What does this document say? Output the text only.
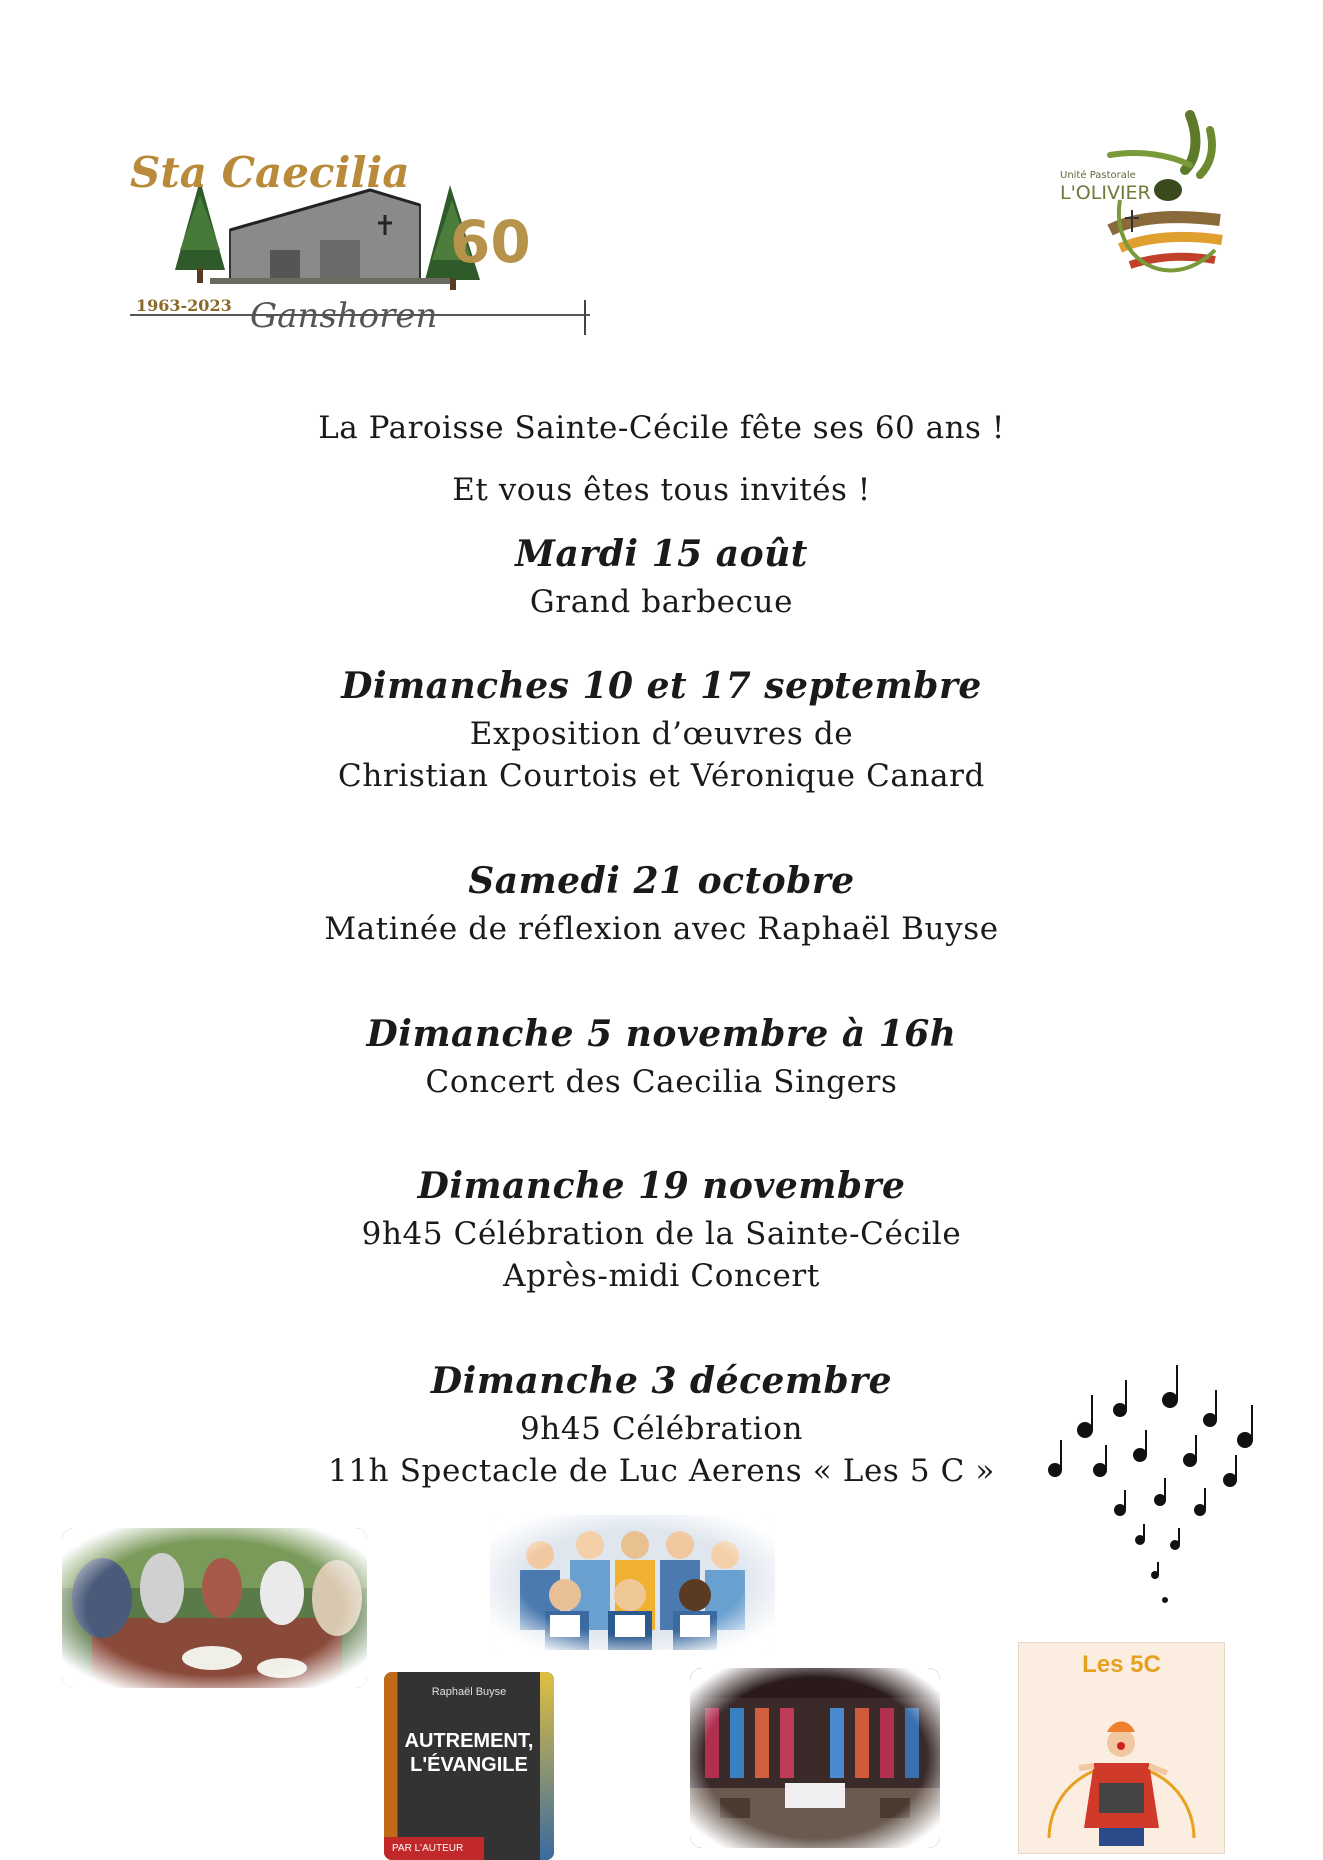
Sta Caecilia
60
1963-2023 Ganshoren
Unité Pastorale
L'OLIVIER
La Paroisse Sainte-Cécile fête ses 60 ans !
Et vous êtes tous invités !
Mardi 15 août
Grand barbecue
Dimanches 10 et 17 septembre
Exposition d’œuvres de
Christian Courtois et Véronique Canard
Samedi 21 octobre
Matinée de réflexion avec Raphaël Buyse
Dimanche 5 novembre à 16h
Concert des Caecilia Singers
Dimanche 19 novembre
9h45 Célébration de la Sainte-Cécile
Après-midi Concert
Dimanche 3 décembre
9h45 Célébration
11h Spectacle de Luc Aerens « Les 5 C »
Raphaël Buyse
AUTREMENT,
L'ÉVANGILE
PAR L'AUTEUR
Les 5C
